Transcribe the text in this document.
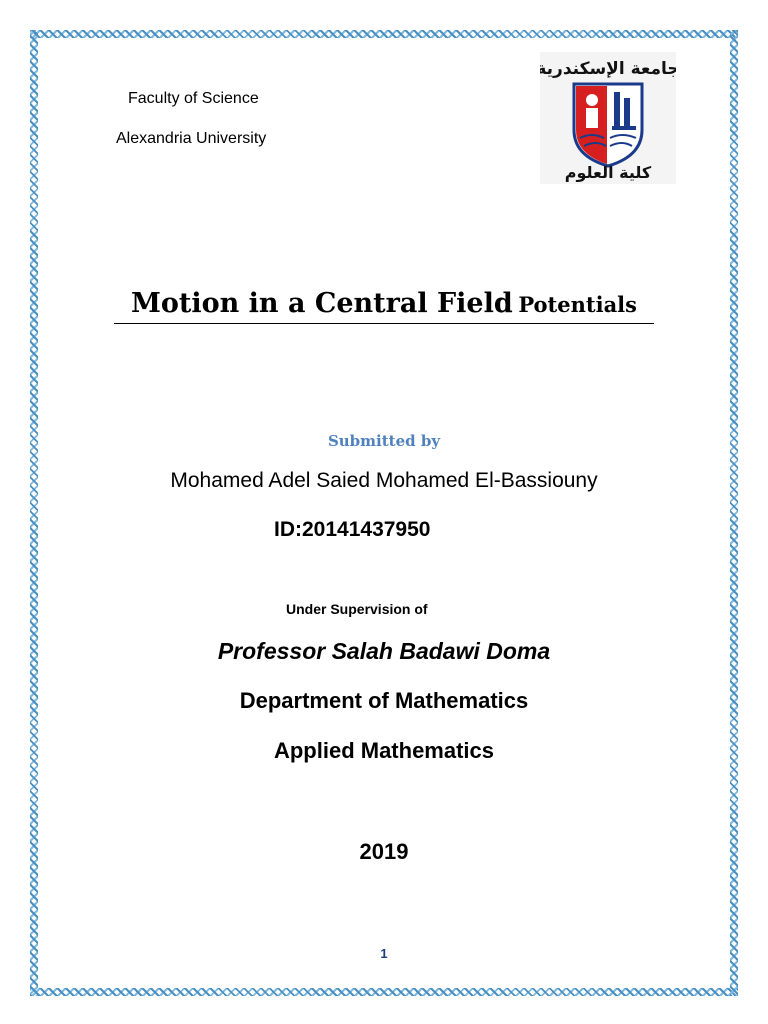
Faculty of Science
Alexandria University
جامعة الإسكندرية
كلية العلوم
Motion in a Central Field Potentials
Submitted by
Mohamed Adel Saied Mohamed El-Bassiouny
ID:20141437950
Under Supervision of
Professor Salah Badawi Doma
Department of Mathematics
Applied Mathematics
2019
1
